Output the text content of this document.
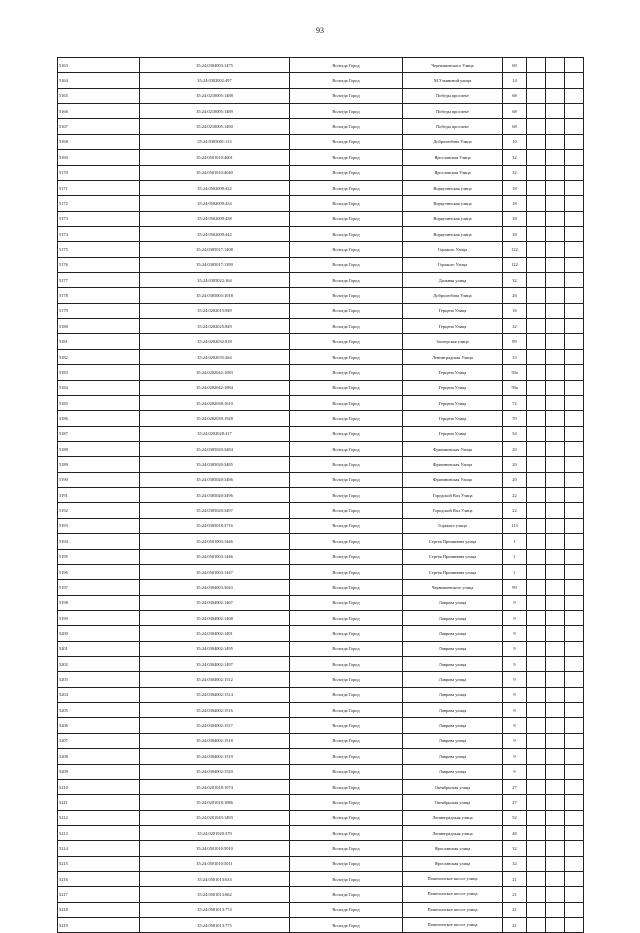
93
5163	35:24:0304003:1475	Вологда Город	Чернышевского Улица	69			
5164	35:24:0302002:497	Вологда Город	М.Ульяновой улица	14			
5165	35:24:0210005:1488	Вологда Город	Победы проспект	68			
5166	35:24:0210005:1489	Вологда Город	Победы проспект	68			
5167	35:24:0210005:1490	Вологда Город	Победы проспект	68			
5168	35:24:0305001:113	Вологда Город	Добролюбова Улица	10			
5169	35:24:0501010:4601	Вологда Город	Ярославская Улица	32			
5170	35:24:0501010:4040	Вологда Город	Ярославская Улица	32			
5171	35:24:0502009:432	Вологда Город	Воркутинская улица	18			
5172	35:24:0502009:434	Вологда Город	Воркутинская улица	18			
5173	35:24:0502009:438	Вологда Город	Воркутинская улица	18			
5174	35:24:0502009:442	Вологда Город	Воркутинская улица	18			
5175	35:24:0305017:1408	Вологда Город	Горького Улица	122			
5176	35:24:0305017:1399	Вологда Город	Горького Улица	122			
5177	35:24:0305022:164	Вологда Город	Дальняя улица	32			
5178	35:24:0305003:1018	Вологда Город	Добролюбова Улица	26			
5179	35:24:0202015:949	Вологда Город	Герцена Улица	16			
5180	35:24:0202025:849	Вологда Город	Герцена Улица	32			
5181	35:24:0202032:918	Вологда Город	Заозерская улица	89			
5182	35:24:0202035:264	Вологда Город	Ленинградская Улица	13			
5183	35:24:0202042:1083	Вологда Город	Герцена Улица	59а			
5184	35:24:0202042:1084	Вологда Город	Герцена Улица	59а			
5185	35:24:0202038:1610	Вологда Город	Герцена Улица	72			
5186	35:24:0202039:1928	Вологда Город	Герцена Улица	70			
5187	35:24:0202028:417	Вологда Город	Герцена Улица	54			
5188	35:24:0305020:3484	Вологда Город	Фрязиновская Улица	20			
5189	35:24:0305020:3485	Вологда Город	Фрязиновская Улица	20			
5190	35:24:0305020:3486	Вологда Город	Фрязиновская Улица	20			
5191	35:24:0305020:3496	Вологда Город	Городской Вал Улица	22			
5192	35:24:0305020:3497	Вологда Город	Городской Вал Улица	22			
5193	35:24:0305018:3716	Вологда Город	Горького улица	113			
5194	35:24:0501003:1446	Вологда Город	Сергея Преминина улица	1			
5195	35:24:0501003:1446	Вологда Город	Сергея Преминина улица	1			
5196	35:24:0501003:1447	Вологда Город	Сергея Преминина улица	1			
5197	35:24:0304003:3043	Вологда Город	Чернышевского улица	99			
5198	35:24:0304002:1467	Вологда Город	Лаврова улица	9			
5199	35:24:0304002:1468	Вологда Город	Лаврова улица	9			
5200	35:24:0304002:1491	Вологда Город	Лаврова улица	9			
5201	35:24:0304002:1495	Вологда Город	Лаврова улица	9			
5202	35:24:0304002:1497	Вологда Город	Лаврова улица	9			
5203	35:24:0304002:1512	Вологда Город	Лаврова улица	9			
5204	35:24:0304002:1514	Вологда Город	Лаврова улица	9			
5205	35:24:0304002:1516	Вологда Город	Лаврова улица	9			
5206	35:24:0304002:1517	Вологда Город	Лаврова улица	9			
5207	35:24:0304002:1518	Вологда Город	Лаврова улица	9			
5208	35:24:0304002:1519	Вологда Город	Лаврова улица	9			
5209	35:24:0304002:1520	Вологда Город	Лаврова улица	9			
5210	35:24:0201018:1074	Вологда Город	Октябрьская улица	27			
5211	35:24:0201018:1086	Вологда Город	Октябрьская улица	27			
5212	35:24:0201043:1493	Вологда Город	Ленинградская улица	52			
5213	35:24:0201020:379	Вологда Город	Ленинградская улица	48			
5214	35:24:0501010:5010	Вологда Город	Ярославская улица	32			
5215	35:24:0501010:5011	Вологда Город	Ярославская улица	32			
5216	35:24:0501013:633	Вологда Город	Пошехонское шоссе улица	21			
5217	35:24:0501013:662	Вологда Город	Пошехонское шоссе улица	21			
5218	35:24:0501013:774	Вологда Город	Пошехонское шоссе улица	21			
5219	35:24:0501013:775	Вологда Город	Пошехонское шоссе улица	21			
